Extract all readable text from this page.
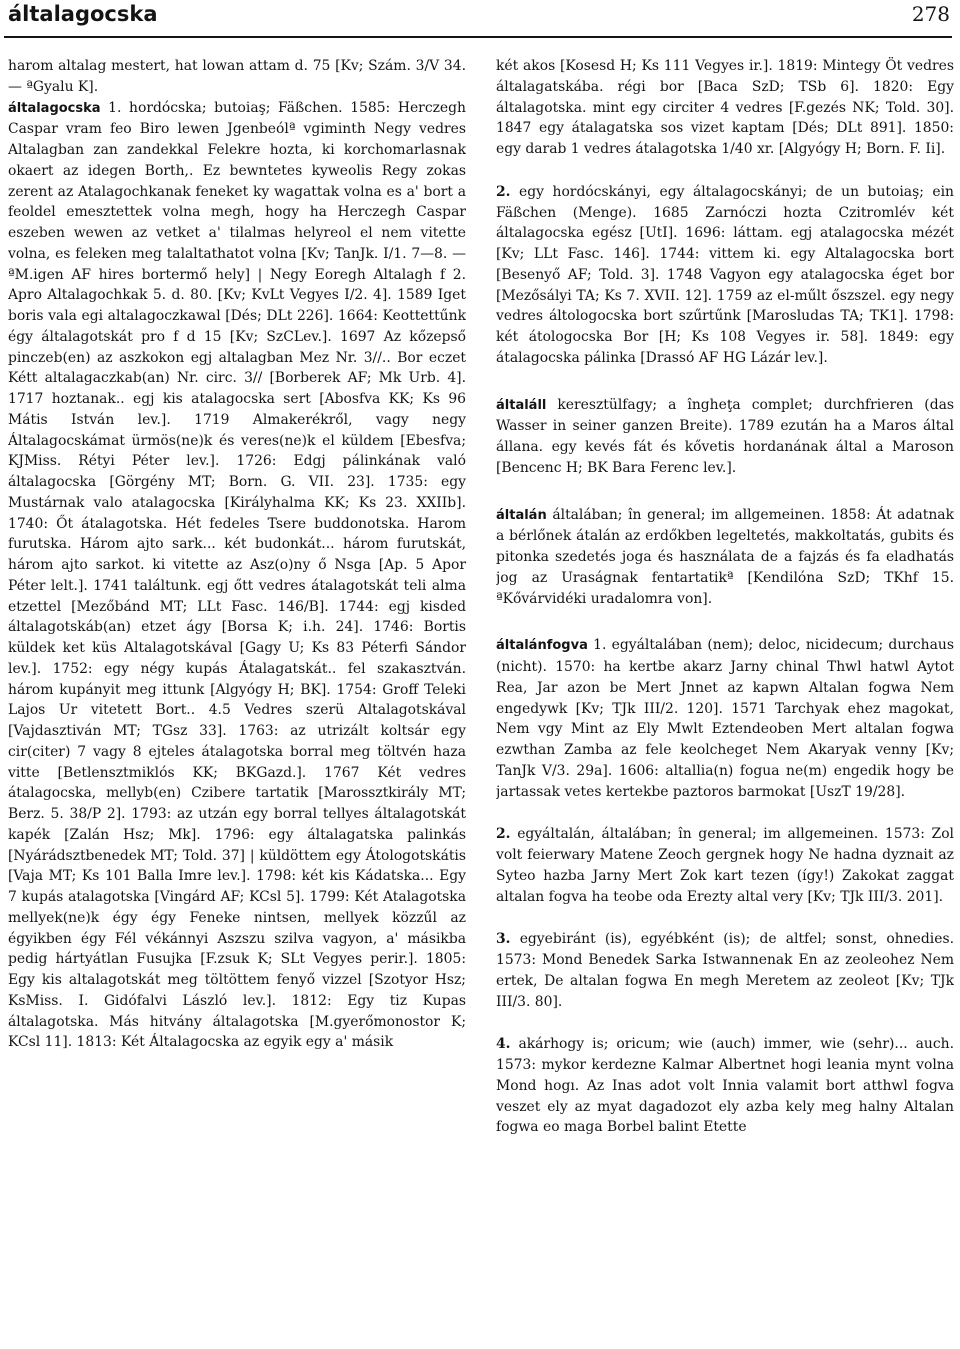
általagocska	278

harom altalag mestert, hat lowan attam d. 75 [Kv; Szám. 3/V 34. — ªGyalu K].

általagocska 1. hordócska; butoiaş; Fäßchen. 1585: Herczegh Caspar vram feo Biro lewen Jgenbeólª vgiminth Negy vedres Altalagban zan zandekkal Felekre hozta, ki korchomarlasnak okaert az idegen Borth,. Ez bewntetes kyweolis Regy zokas zerent az Atalagochkanak feneket ky wagattak volna es a' bort a feoldel emesztettek volna megh, hogy ha Herczegh Caspar eszeben wewen az vetket a' tilalmas helyreol el nem vitette volna, es feleken meg talaltathatot volna [Kv; TanJk. I/1. 7—8. — ªM.igen AF hires bortermő hely] | Negy Eoregh Altalagh f 2. Apro Altalagochkak 5. d. 80. [Kv; KvLt Vegyes I/2. 4]. 1589 Iget boris vala egi altalagoczkawal [Dés; DLt 226]. 1664: Keottettűnk égy általagotskát pro f d 15 [Kv; SzCLev.]. 1697 Az kőzepső pinczeb(en) az aszkokon egj altalagban Mez Nr. 3//.. Bor eczet Kétt altalagaczkab(an) Nr. circ. 3// [Borberek AF; Mk Urb. 4]. 1717 hoztanak.. egj kis atalagocska sert [Abosfva KK; Ks 96 Mátis István lev.]. 1719 Almakerékről, vagy negy Általagocskámat ürmös(ne)k és veres(ne)k el küldem [Ebesfva; KJMiss. Rétyi Péter lev.]. 1726: Edgj pálinkának való általagocska [Görgény MT; Born. G. VII. 23]. 1735: egy Mustárnak valo atalagocska [Királyhalma KK; Ks 23. XXIIb]. 1740: Őt átalagotska. Hét fedeles Tsere buddonotska. Harom furutska. Három ajto sark... két budonkát... három furutskát, három ajto sarkot. ki vitette az Asz(o)ny ő Nsga [Ap. 5 Apor Péter lelt.]. 1741 találtunk. egj őtt vedres átalagotskát teli alma etzettel [Mezőbánd MT; LLt Fasc. 146/B]. 1744: egj kisded általagotskáb(an) etzet ágy [Borsa K; i.h. 24]. 1746: Bortis küldek ket küs Altalagotskával [Gagy U; Ks 83 Péterfi Sándor lev.]. 1752: egy négy kupás Átalagatskát.. fel szakasztván. három kupányit meg ittunk [Algyógy H; BK]. 1754: Groff Teleki Lajos Ur vitetett Bort.. 4.5 Vedres szerü Altalagotskával [Vajdasztiván MT; TGsz 33]. 1763: az utrizált koltsár egy cir(citer) 7 vagy 8 ejteles átalagotska borral meg töltvén haza vitte [Betlensztmiklós KK; BKGazd.]. 1767 Két vedres átalagocska, mellyb(en) Czibere tartatik [Marossztkirály MT; Berz. 5. 38/P 2]. 1793: az utzán egy borral tellyes általagotskát kapék [Zalán Hsz; Mk]. 1796: egy általagatska palinkás [Nyárádsztbenedek MT; Told. 37] | küldöttem egy Átologotskátis [Vaja MT; Ks 101 Balla Imre lev.]. 1798: két kis Kádatska... Egy 7 kupás atalagotska [Vingárd AF; KCsl 5]. 1799: Két Atalagotska mellyek(ne)k égy égy Feneke nintsen, mellyek közzűl az égyikben égy Fél vékánnyi Aszszu szilva vagyon, a' másikba pedig hártyátlan Fusujka [F.zsuk K; SLt Vegyes perir.]. 1805: Egy kis altalagotskát meg töltöttem fenyő vizzel [Szotyor Hsz; KsMiss. I. Gidófalvi László lev.]. 1812: Egy tiz Kupas általagotska. Más hitvány általagotska [M.gyerőmonostor K; KCsl 11]. 1813: Két Általagocska az egyik egy a' másik

két akos [Kosesd H; Ks 111 Vegyes ir.]. 1819: Mintegy Öt vedres általagatskába. régi bor [Baca SzD; TSb 6]. 1820: Egy általagotska. mint egy circiter 4 vedres [F.gezés NK; Told. 30]. 1847 egy átalagatska sos vizet kaptam [Dés; DLt 891]. 1850: egy darab 1 vedres átalagotska 1/40 xr. [Algyógy H; Born. F. Ii].

2. egy hordócskányi, egy általagocskányi; de un butoiaş; ein Fäßchen (Menge). 1685 Zarnóczi hozta Czitromlév két általagocska egész [UtI]. 1696: láttam. egj atalagocska mézét [Kv; LLt Fasc. 146]. 1744: vittem ki. egy Altalagocska bort [Besenyő AF; Told. 3]. 1748 Vagyon egy atalagocska éget bor [Mezősályi TA; Ks 7. XVII. 12]. 1759 az el-műlt őszszel. egy negy vedres áltologocska bort szűrtűnk [Marosludas TA; TK1]. 1798: két átologocska Bor [H; Ks 108 Vegyes ir. 58]. 1849: egy átalagocska pálinka [Drassó AF HG Lázár lev.].

általáll keresztülfagy; a îngheţa complet; durchfrieren (das Wasser in seiner ganzen Breite). 1789 ezután ha a Maros által állana. egy kevés fát és kővetis hordanának által a Maroson [Bencenc H; BK Bara Ferenc lev.].

általán általában; în general; im allgemeinen. 1858: Át adatnak a bérlőnek átalán az erdőkben legeltetés, makkoltatás, gubits és pitonka szedetés joga és használata de a fajzás és fa eladhatás jog az Uraságnak fentartatikª [Kendilóna SzD; TKhf 15. ªKővárvidéki uradalomra von].

általánfogva 1. egyáltalában (nem); deloc, nicidecum; durchaus (nicht). 1570: ha kertbe akarz Jarny chinal Thwl hatwl Aytot Rea, Jar azon be Mert Jnnet az kapwn Altalan fogwa Nem engedywk [Kv; TJk III/2. 120]. 1571 Tarchyak ehez magokat, Nem vgy Mint az Ely Mwlt Eztendeoben Mert altalan fogwa ezwthan Zamba az fele keolcheget Nem Akaryak venny [Kv; TanJk V/3. 29a]. 1606: altallia(n) fogua ne(m) engedik hogy be jartassak vetes kertekbe paztoros barmokat [UszT 19/28].

2. egyáltalán, általában; în general; im allgemeinen. 1573: Zol volt feierwary Matene Zeoch gergnek hogy Ne hadna dyznait az Syteo hazba Jarny Mert Zok kart tezen (így!) Zakokat zaggat altalan fogva ha teobe oda Erezty altal very [Kv; TJk III/3. 201].

3. egyebiránt (is), egyébként (is); de altfel; sonst, ohnedies. 1573: Mond Benedek Sarka Istwannenak En az zeoleohez Nem ertek, De altalan fogwa En megh Meretem az zeoleot [Kv; TJk III/3. 80].

4. akárhogy is; oricum; wie (auch) immer, wie (sehr)... auch. 1573: mykor kerdezne Kalmar Albertnet hogi leania mynt volna Mond hogı. Az Inas adot volt Innia valamit bort atthwl fogva veszet ely az myat dagadozot ely azba kely meg halny Altalan fogwa eo maga Borbel balint Etette
